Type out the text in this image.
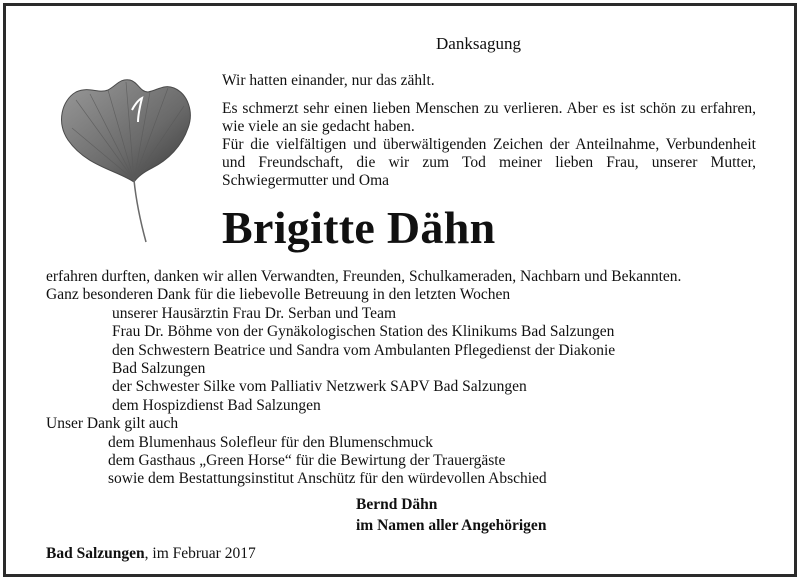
Danksagung

Wir hatten einander, nur das zählt.

Es schmerzt sehr einen lieben Menschen zu verlieren. Aber es ist schön zu erfahren, wie viele an sie gedacht haben.

Für die vielfältigen und überwältigenden Zeichen der Anteilnahme, Verbundenheit und Freundschaft, die wir zum Tod meiner lieben Frau, unserer Mutter, Schwiegermutter und Oma

Brigitte Dähn
erfahren durften, danken wir allen Verwandten, Freunden, Schulkameraden, Nachbarn und Bekannten.
Ganz besonderen Dank für die liebevolle Betreuung in den letzten Wochen
unserer Hausärztin Frau Dr. Serban und Team
Frau Dr. Böhme von der Gynäkologischen Station des Klinikums Bad Salzungen
den Schwestern Beatrice und Sandra vom Ambulanten Pflegedienst der Diakonie
Bad Salzungen
der Schwester Silke vom Palliativ Netzwerk SAPV Bad Salzungen
dem Hospizdienst Bad Salzungen
Unser Dank gilt auch
dem Blumenhaus Solefleur für den Blumenschmuck
dem Gasthaus „Green Horse“ für die Bewirtung der Trauergäste
sowie dem Bestattungsinstitut Anschütz für den würdevollen Abschied
Bernd Dähn
im Namen aller Angehörigen
Bad Salzungen, im Februar 2017
